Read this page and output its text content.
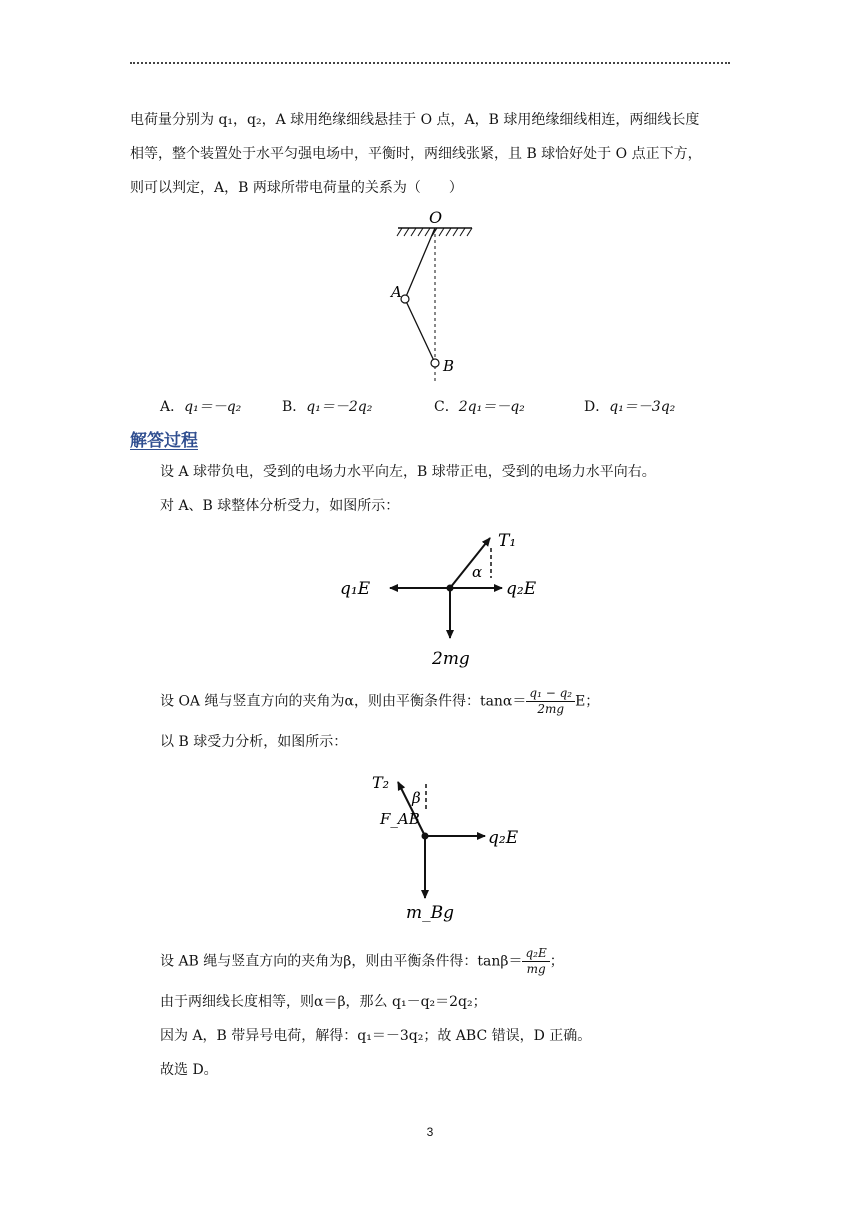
电荷量分别为 q₁，q₂，A 球用绝缘细线悬挂于 O 点，A，B 球用绝缘细线相连，两细线长度
相等，整个装置处于水平匀强电场中，平衡时，两细线张紧，且 B 球恰好处于 O 点正下方，
则可以判定，A，B 两球所带电荷量的关系为（　　）
O
A
B
A．q₁＝－q₂	B．q₁＝－2q₂	C．2q₁＝－q₂	D．q₁＝－3q₂
解答过程
设 A 球带负电，受到的电场力水平向左，B 球带正电，受到的电场力水平向右。
对 A、B 球整体分析受力，如图所示：
T₁
α
q₁E	q₂E
2mg
设 OA 绳与竖直方向的夹角为α，则由平衡条件得：$\tan\alpha= \frac{\text{q₁ − q₂}}{2mg}$ E；
以 B 球受力分析，如图所示：
T₂
β
F_AB
q₂E
m_Bg
设 AB 绳与竖直方向的夹角为β，则由平衡条件得：$\tan\beta= \frac{\text{q₂E}}{mg}$ ；
由于两细线长度相等，则α＝β，那么 q₁－q₂＝2q₂；
因为 A，B 带异号电荷，解得：q₁＝－3q₂；故 ABC 错误，D 正确。
故选 D。
3
